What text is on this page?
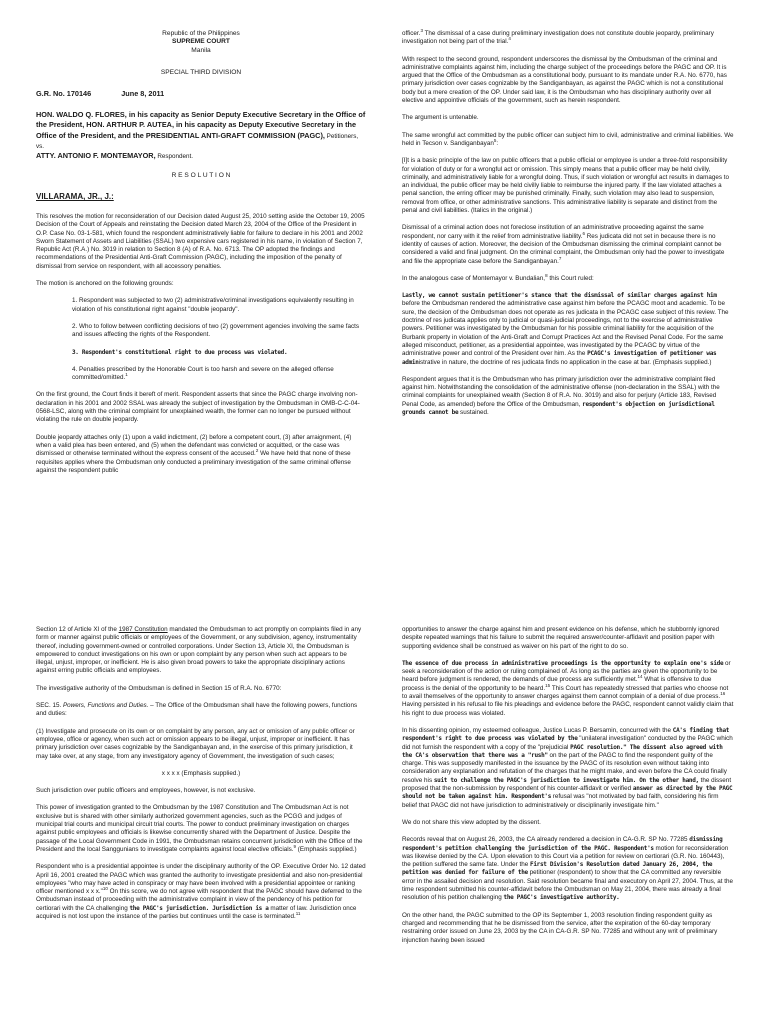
Republic of the Philippines
SUPREME COURT
Manila
SPECIAL THIRD DIVISION
G.R. No. 170146	June 8, 2011
HON. WALDO Q. FLORES, in his capacity as Senior Deputy Executive Secretary in the Office of the President, HON. ARTHUR P. AUTEA, in his capacity as Deputy Executive Secretary in the Office of the President, and the PRESIDENTIAL ANTI-GRAFT COMMISSION (PAGC), Petitioners,
vs.
ATTY. ANTONIO F. MONTEMAYOR, Respondent.
R E S O L U T I O N
VILLARAMA, JR., J.:

This resolves the motion for reconsideration of our Decision dated August 25, 2010 setting aside the October 19, 2005 Decision of the Court of Appeals and reinstating the Decision dated March 23, 2004 of the Office of the President in O.P. Case No. 03-1-581, which found the respondent administratively liable for failure to declare in his 2001 and 2002 Sworn Statement of Assets and Liabilities (SSAL) two expensive cars registered in his name, in violation of Section 7, Republic Act (R.A.) No. 3019 in relation to Section 8 (A) of R.A. No. 6713. The OP adopted the findings and recommendations of the Presidential Anti-Graft Commission (PAGC), including the imposition of the penalty of dismissal from service on respondent, with all accessory penalties.

The motion is anchored on the following grounds:

1. Respondent was subjected to two (2) administrative/criminal investigations equivalently resulting in violation of his constitutional right against "double jeopardy".

2. Who to follow between conflicting decisions of two (2) government agencies involving the same facts and issues affecting the rights of the Respondent.

3. Respondent's constitutional right to due process was violated.

4. Penalties prescribed by the Honorable Court is too harsh and severe on the alleged offense committed/omitted.$^1$

On the first ground, the Court finds it bereft of merit. Respondent asserts that since the PAGC charge involving non-declaration in his 2001 and 2002 SSAL was already the subject of investigation by the Ombudsman in OMB-C-C-04-0568-LSC, along with the criminal complaint for unexplained wealth, the former can no longer be pursued without violating the rule on double jeopardy.

Double jeopardy attaches only (1) upon a valid indictment, (2) before a competent court, (3) after arraignment, (4) when a valid plea has been entered, and (5) when the defendant was convicted or acquitted, or the case was dismissed or otherwise terminated without the express consent of the accused.$^2$ We have held that none of these requisites applies where the Ombudsman only conducted a preliminary investigation of the same criminal offense against the respondent public

officer.$^3$ The dismissal of a case during preliminary investigation does not constitute double jeopardy, preliminary investigation not being part of the trial.$^4$

With respect to the second ground, respondent underscores the dismissal by the Ombudsman of the criminal and administrative complaints against him, including the charge subject of the proceedings before the PAGC and OP. It is argued that the Office of the Ombudsman as a constitutional body, pursuant to its mandate under R.A. No. 6770, has primary jurisdiction over cases cognizable by the Sandiganbayan, as against the PAGC which is not a constitutional body but a mere creation of the OP. Under said law, it is the Ombudsman who has disciplinary authority over all elective and appointive officials of the government, such as herein respondent.

The argument is untenable.

The same wrongful act committed by the public officer can subject him to civil, administrative and criminal liabilities. We held in Tecson v. Sandiganbayan$^5$:

[I]t is a basic principle of the law on public officers that a public official or employee is under a three-fold responsibility for violation of duty or for a wrongful act or omission. This simply means that a public officer may be held civilly, criminally, and administratively liable for a wrongful doing. Thus, if such violation or wrongful act results in damages to an individual, the public officer may be held civilly liable to reimburse the injured party. If the law violated attaches a penal sanction, the erring officer may be punished criminally. Finally, such violation may also lead to suspension, removal from office, or other administrative sanctions. This administrative liability is separate and distinct from the penal and civil liabilities. (Italics in the original.)

Dismissal of a criminal action does not foreclose institution of an administrative proceeding against the same respondent, nor carry with it the relief from administrative liability.$^6$ Res judicata did not set in because there is no identity of causes of action. Moreover, the decision of the Ombudsman dismissing the criminal complaint cannot be considered a valid and final judgment. On the criminal complaint, the Ombudsman only had the power to investigate and file the appropriate case before the Sandiganbayan.$^7$

In the analogous case of Montemayor v. Bundalian,$^8$ this Court ruled:

Lastly, we cannot sustain petitioner's stance that the dismissal of similar charges against him before the Ombudsman rendered the administrative case against him before the PCAGC moot and academic. To be sure, the decision of the Ombudsman does not operate as res judicata in the PCAGC case subject of this review. The doctrine of res judicata applies only to judicial or quasi-judicial proceedings, not to the exercise of administrative powers. Petitioner was investigated by the Ombudsman for his possible criminal liability for the acquisition of the Burbank property in violation of the Anti-Graft and Corrupt Practices Act and the Revised Penal Code. For the same alleged misconduct, petitioner, as a presidential appointee, was investigated by the PCAGC by virtue of the administrative power and control of the President over him. As the PCAGC's investigation of petitioner was administrative in nature, the doctrine of res judicata finds no application in the case at bar. (Emphasis supplied.)

Respondent argues that it is the Ombudsman who has primary jurisdiction over the administrative complaint filed against him. Notwithstanding the consolidation of the administrative offense (non-declaration in the SSAL) with the criminal complaints for unexplained wealth (Section 8 of R.A. No. 3019) and also for perjury (Article 183, Revised Penal Code, as amended) before the Office of the Ombudsman, respondent's objection on jurisdictional grounds cannot be sustained.

Section 12 of Article XI of the 1987 Constitution mandated the Ombudsman to act promptly on complaints filed in any form or manner against public officials or employees of the Government, or any subdivision, agency, instrumentality thereof, including government-owned or controlled corporations. Under Section 13, Article XI, the Ombudsman is empowered to conduct investigations on his own or upon complaint by any person when such act appears to be illegal, unjust, improper, or inefficient. He is also given broad powers to take the appropriate disciplinary actions against erring public officials and employees.

The investigative authority of the Ombudsman is defined in Section 15 of R.A. No. 6770:

SEC. 15. Powers, Functions and Duties. – The Office of the Ombudsman shall have the following powers, functions and duties:

(1) Investigate and prosecute on its own or on complaint by any person, any act or omission of any public officer or employee, office or agency, when such act or omission appears to be illegal, unjust, improper or inefficient. It has primary jurisdiction over cases cognizable by the Sandiganbayan and, in the exercise of this primary jurisdiction, it may take over, at any stage, from any investigatory agency of Government, the investigation of such cases;

x x x x (Emphasis supplied.)

Such jurisdiction over public officers and employees, however, is not exclusive.

This power of investigation granted to the Ombudsman by the 1987 Constitution and The Ombudsman Act is not exclusive but is shared with other similarly authorized government agencies, such as the PCGG and judges of municipal trial courts and municipal circuit trial courts. The power to conduct preliminary investigation on charges against public employees and officials is likewise concurrently shared with the Department of Justice. Despite the passage of the Local Government Code in 1991, the Ombudsman retains concurrent jurisdiction with the Office of the President and the local Sanggunians to investigate complaints against local elective officials.$^9$ (Emphasis supplied.)

Respondent who is a presidential appointee is under the disciplinary authority of the OP. Executive Order No. 12 dated April 16, 2001 created the PAGC which was granted the authority to investigate presidential and also non-presidential employees "who may have acted in conspiracy or may have been involved with a presidential appointee or ranking officer mentioned x x x."$^{10}$ On this score, we do not agree with respondent that the PAGC should have deferred to the Ombudsman instead of proceeding with the administrative complaint in view of the pendency of his petition for certiorari with the CA challenging the PAGC's jurisdiction. Jurisdiction is a matter of law. Jurisdiction once acquired is not lost upon the instance of the parties but continues until the case is terminated.$^{11}$

opportunities to answer the charge against him and present evidence on his defense, which he stubbornly ignored despite repeated warnings that his failure to submit the required answer/counter-affidavit and position paper with supporting evidence shall be construed as waiver on his part of the right to do so.

The essence of due process in administrative proceedings is the opportunity to explain one's side or seek a reconsideration of the action or ruling complained of. As long as the parties are given the opportunity to be heard before judgment is rendered, the demands of due process are sufficiently met.$^{14}$ What is offensive to due process is the denial of the opportunity to be heard.$^{15}$ This Court has repeatedly stressed that parties who choose not to avail themselves of the opportunity to answer charges against them cannot complain of a denial of due process.$^{16}$ Having persisted in his refusal to file his pleadings and evidence before the PAGC, respondent cannot validly claim that his right to due process was violated.

In his dissenting opinion, my esteemed colleague, Justice Lucas P. Bersamin, concurred with the CA's finding that respondent's right to due process was violated by the "unilateral investigation" conducted by the PAGC which did not furnish the respondent with a copy of the "prejudicial PAGC resolution." The dissent also agreed with the CA's observation that there was a "rush" on the part of the PAGC to find the respondent guilty of the charge. This was supposedly manifested in the issuance by the PAGC of its resolution even without taking into consideration any explanation and refutation of the charges that he might make, and even before the CA could finally resolve his suit to challenge the PAGC's jurisdiction to investigate him. On the other hand, the dissent proposed that the non-submission by respondent of his counter-affidavit or verified answer as directed by the PAGC should not be taken against him. Respondent's refusal was "not motivated by bad faith, considering his firm belief that PAGC did not have jurisdiction to administratively or disciplinarily investigate him."

We do not share this view adopted by the dissent.

Records reveal that on August 26, 2003, the CA already rendered a decision in CA-G.R. SP No. 77285 dismissing respondent's petition challenging the jurisdiction of the PAGC. Respondent's motion for reconsideration was likewise denied by the CA. Upon elevation to this Court via a petition for review on certiorari (G.R. No. 160443), the petition suffered the same fate. Under the First Division's Resolution dated January 26, 2004, the petition was denied for failure of the petitioner (respondent) to show that the CA committed any reversible error in the assailed decision and resolution. Said resolution became final and executory on April 27, 2004. Thus, at the time respondent submitted his counter-affidavit before the Ombudsman on May 21, 2004, there was already a final resolution of his petition challenging the PAGC's investigative authority.

On the other hand, the PAGC submitted to the OP its September 1, 2003 resolution finding respondent guilty as charged and recommending that he be dismissed from the service, after the expiration of the 60-day temporary restraining order issued on June 23, 2003 by the CA in CA-G.R. SP No. 77285 and without any writ of preliminary injunction having been issued
